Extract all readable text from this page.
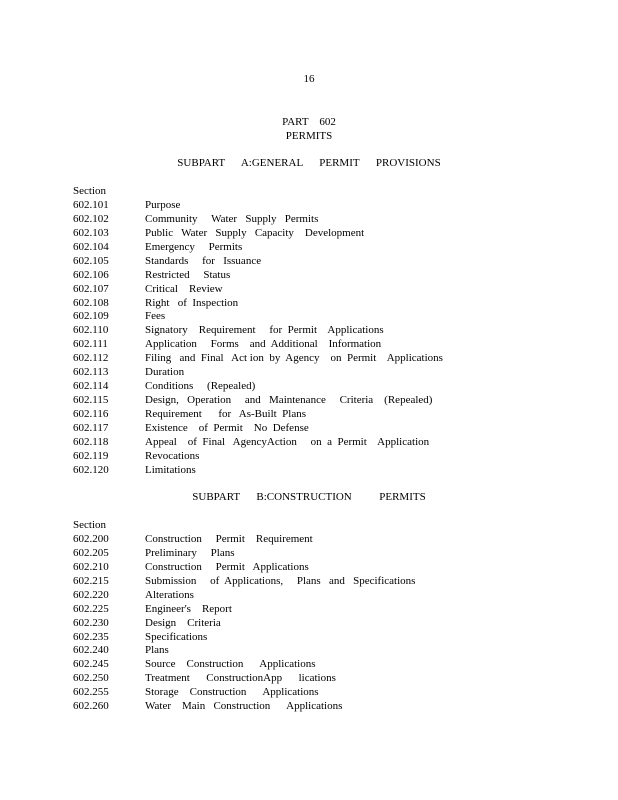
16
PART    602
PERMITS
SUBPART      A:GENERAL      PERMIT      PROVISIONS
Section
602.101	Purpose
602.102	Community     Water   Supply   Permits
602.103	Public   Water   Supply   Capacity    Development
602.104	Emergency     Permits
602.105	Standards     for   Issuance
602.106	Restricted     Status
602.107	Critical    Review
602.108	Right   of  Inspection
602.109	Fees
602.110	Signatory    Requirement     for  Permit    Applications
602.111	Application     Forms    and  Additional    Information
602.112	Filing   and  Final   Act ion  by  Agency    on  Permit    Applications
602.113	Duration
602.114	Conditions     (Repealed)
602.115	Design,   Operation     and   Maintenance     Criteria    (Repealed)
602.116	Requirement      for   As-Built  Plans
602.117	Existence    of  Permit    No  Defense
602.118	Appeal    of  Final   AgencyAction     on  a  Permit    Application
602.119	Revocations
602.120	Limitations
SUBPART      B:CONSTRUCTION          PERMITS
Section
602.200	Construction     Permit    Requirement
602.205	Preliminary     Plans
602.210	Construction     Permit   Applications
602.215	Submission     of  Applications,     Plans   and   Specifications
602.220	Alterations
602.225	Engineer's    Report
602.230	Design    Criteria
602.235	Specifications
602.240	Plans
602.245	Source    Construction      Applications
602.250	Treatment      ConstructionApp      lications
602.255	Storage    Construction      Applications
602.260	Water    Main   Construction      Applications
